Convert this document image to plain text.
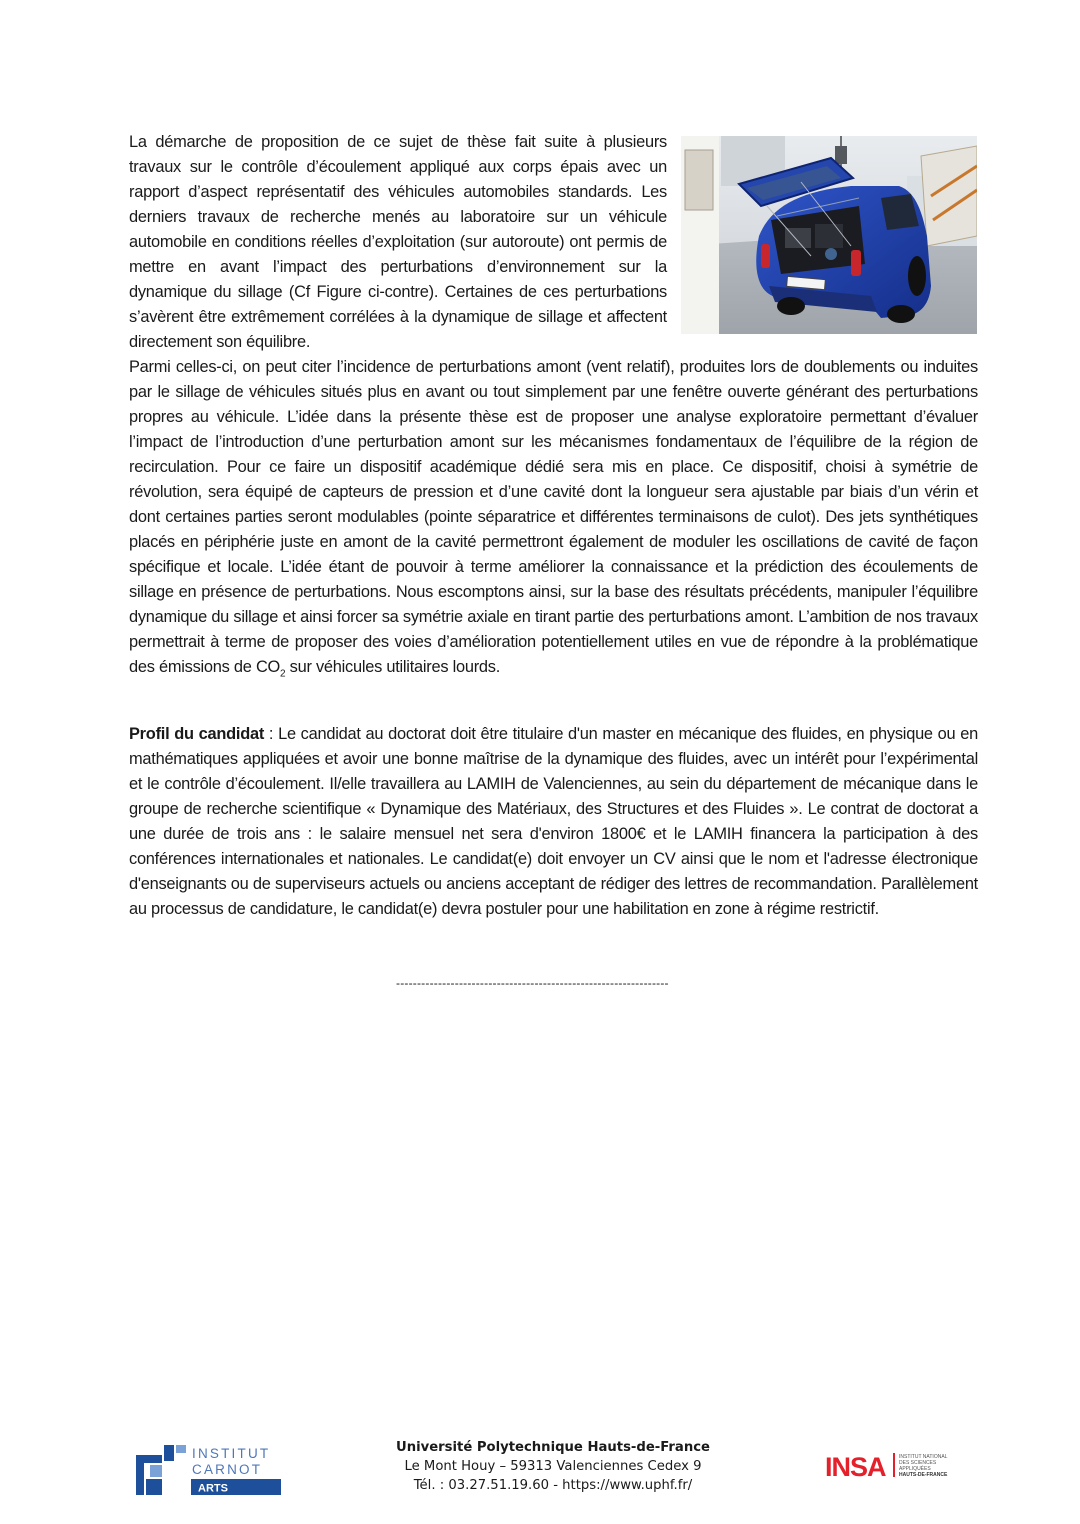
La démarche de proposition de ce sujet de thèse fait suite à plusieurs travaux sur le contrôle d’écoulement appliqué aux corps épais avec un rapport d’aspect représentatif des véhicules automobiles standards. Les derniers travaux de recherche menés au laboratoire sur un véhicule automobile en conditions réelles d’exploitation (sur autoroute) ont permis de mettre en avant l’impact des perturbations d’environnement sur la dynamique du sillage (Cf Figure ci-contre). Certaines de ces perturbations s’avèrent être extrêmement corrélées à la dynamique de sillage et affectent directement son équilibre.

Parmi celles-ci, on peut citer l’incidence de perturbations amont (vent relatif), produites lors de doublements ou induites par le sillage de véhicules situés plus en avant ou tout simplement par une fenêtre ouverte générant des perturbations propres au véhicule. L’idée dans la présente thèse est de proposer une analyse exploratoire permettant d’évaluer l’impact de l’introduction d’une perturbation amont sur les mécanismes fondamentaux de l’équilibre de la région de recirculation. Pour ce faire un dispositif académique dédié sera mis en place. Ce dispositif, choisi à symétrie de révolution, sera équipé de capteurs de pression et d’une cavité dont la longueur sera ajustable par biais d’un vérin et dont certaines parties seront modulables (pointe séparatrice et différentes terminaisons de culot). Des jets synthétiques placés en périphérie juste en amont de la cavité permettront également de moduler les oscillations de cavité de façon spécifique et locale. L’idée étant de pouvoir à terme améliorer la connaissance et la prédiction des écoulements de sillage en présence de perturbations. Nous escomptons ainsi, sur la base des résultats précédents, manipuler l’équilibre dynamique du sillage et ainsi forcer sa symétrie axiale en tirant partie des perturbations amont. L’ambition de nos travaux permettrait à terme de proposer des voies d’amélioration potentiellement utiles en vue de répondre à la problématique des émissions de $CO_2$ sur véhicules utilitaires lourds.

Profil du candidat : Le candidat au doctorat doit être titulaire d'un master en mécanique des fluides, en physique ou en mathématiques appliquées et avoir une bonne maîtrise de la dynamique des fluides, avec un intérêt pour l’expérimental et le contrôle d’écoulement. Il/elle travaillera au LAMIH de Valenciennes, au sein du département de mécanique dans le groupe de recherche scientifique « Dynamique des Matériaux, des Structures et des Fluides ». Le contrat de doctorat a une durée de trois ans : le salaire mensuel net sera d'environ 1800€ et le LAMIH financera la participation à des conférences internationales et nationales. Le candidat(e) doit envoyer un CV ainsi que le nom et l'adresse électronique d'enseignants ou de superviseurs actuels ou anciens acceptant de rédiger des lettres de recommandation. Parallèlement au processus de candidature, le candidat(e) devra postuler pour une habilitation en zone à régime restrictif.

-----------------------------------------------------------------
INSTITUT
CARNOT
ARTS
Université Polytechnique Hauts-de-France
Le Mont Houy – 59313 Valenciennes Cedex 9
Tél. : 03.27.51.19.60 - https://www.uphf.fr/
INSA	INSTITUT NATIONAL
DES SCIENCES
APPLIQUÉES
HAUTS-DE-FRANCE
